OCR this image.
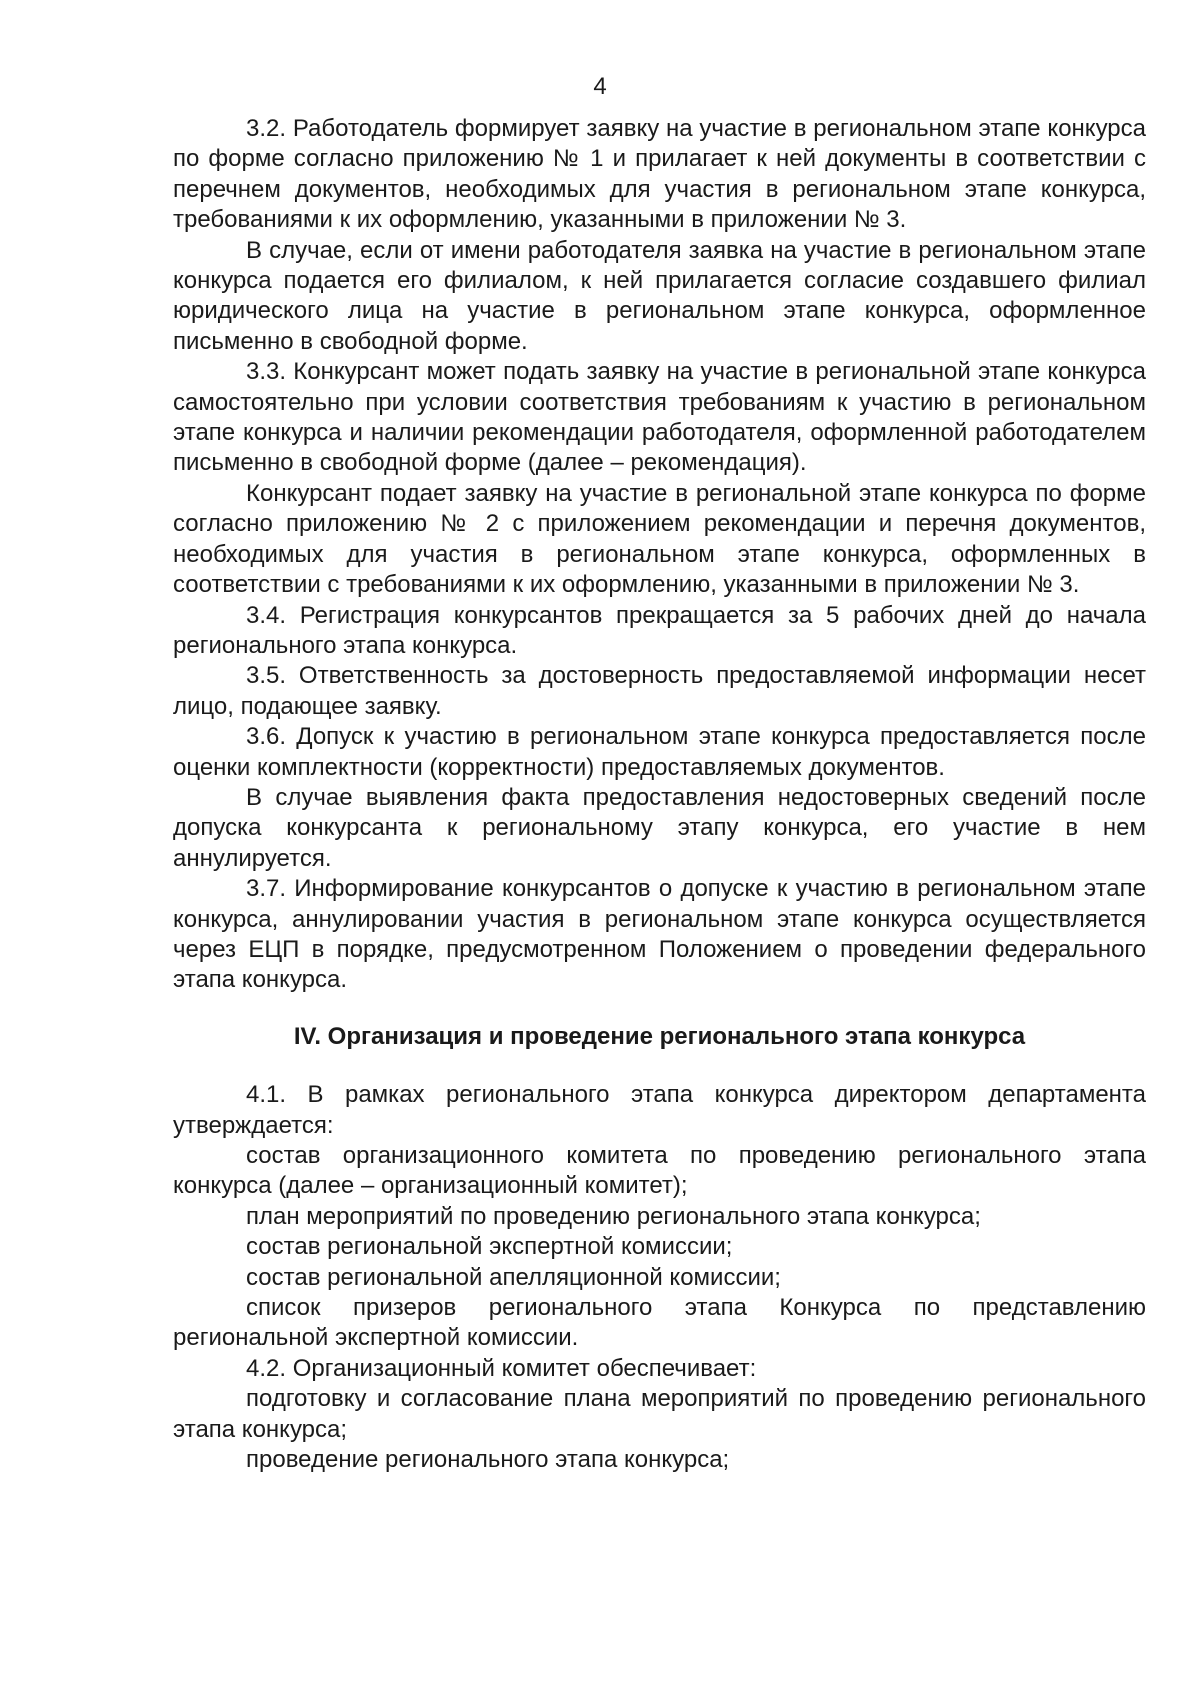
4

3.2. Работодатель формирует заявку на участие в региональном этапе конкурса по форме согласно приложению № 1 и прилагает к ней документы в соответствии с перечнем документов, необходимых для участия в региональном этапе конкурса, требованиями к их оформлению, указанными в приложении № 3.

В случае, если от имени работодателя заявка на участие в региональном этапе конкурса подается его филиалом, к ней прилагается согласие создавшего филиал юридического лица на участие в региональном этапе конкурса, оформленное письменно в свободной форме.

3.3. Конкурсант может подать заявку на участие в региональной этапе конкурса самостоятельно при условии соответствия требованиям к участию в региональном этапе конкурса и наличии рекомендации работодателя, оформленной работодателем письменно в свободной форме (далее – рекомендация).

Конкурсант подает заявку на участие в региональной этапе конкурса по форме согласно приложению № 2 с приложением рекомендации и перечня документов, необходимых для участия в региональном этапе конкурса, оформленных в соответствии с требованиями к их оформлению, указанными в приложении № 3.

3.4. Регистрация конкурсантов прекращается за 5 рабочих дней до начала регионального этапа конкурса.

3.5. Ответственность за достоверность предоставляемой информации несет лицо, подающее заявку.

3.6. Допуск к участию в региональном этапе конкурса предоставляется после оценки комплектности (корректности) предоставляемых документов.

В случае выявления факта предоставления недостоверных сведений после допуска конкурсанта к региональному этапу конкурса, его участие в нем аннулируется.

3.7. Информирование конкурсантов о допуске к участию в региональном этапе конкурса, аннулировании участия в региональном этапе конкурса осуществляется через ЕЦП в порядке, предусмотренном Положением о проведении федерального этапа конкурса.

IV. Организация и проведение регионального этапа конкурса

4.1. В рамках регионального этапа конкурса директором департамента утверждается:

состав организационного комитета по проведению регионального этапа конкурса (далее – организационный комитет);

план мероприятий по проведению регионального этапа конкурса;

состав региональной экспертной комиссии;

состав региональной апелляционной комиссии;

список призеров регионального этапа Конкурса по представлению региональной экспертной комиссии.

4.2. Организационный комитет обеспечивает:

подготовку и согласование плана мероприятий по проведению регионального этапа конкурса;

проведение регионального этапа конкурса;
